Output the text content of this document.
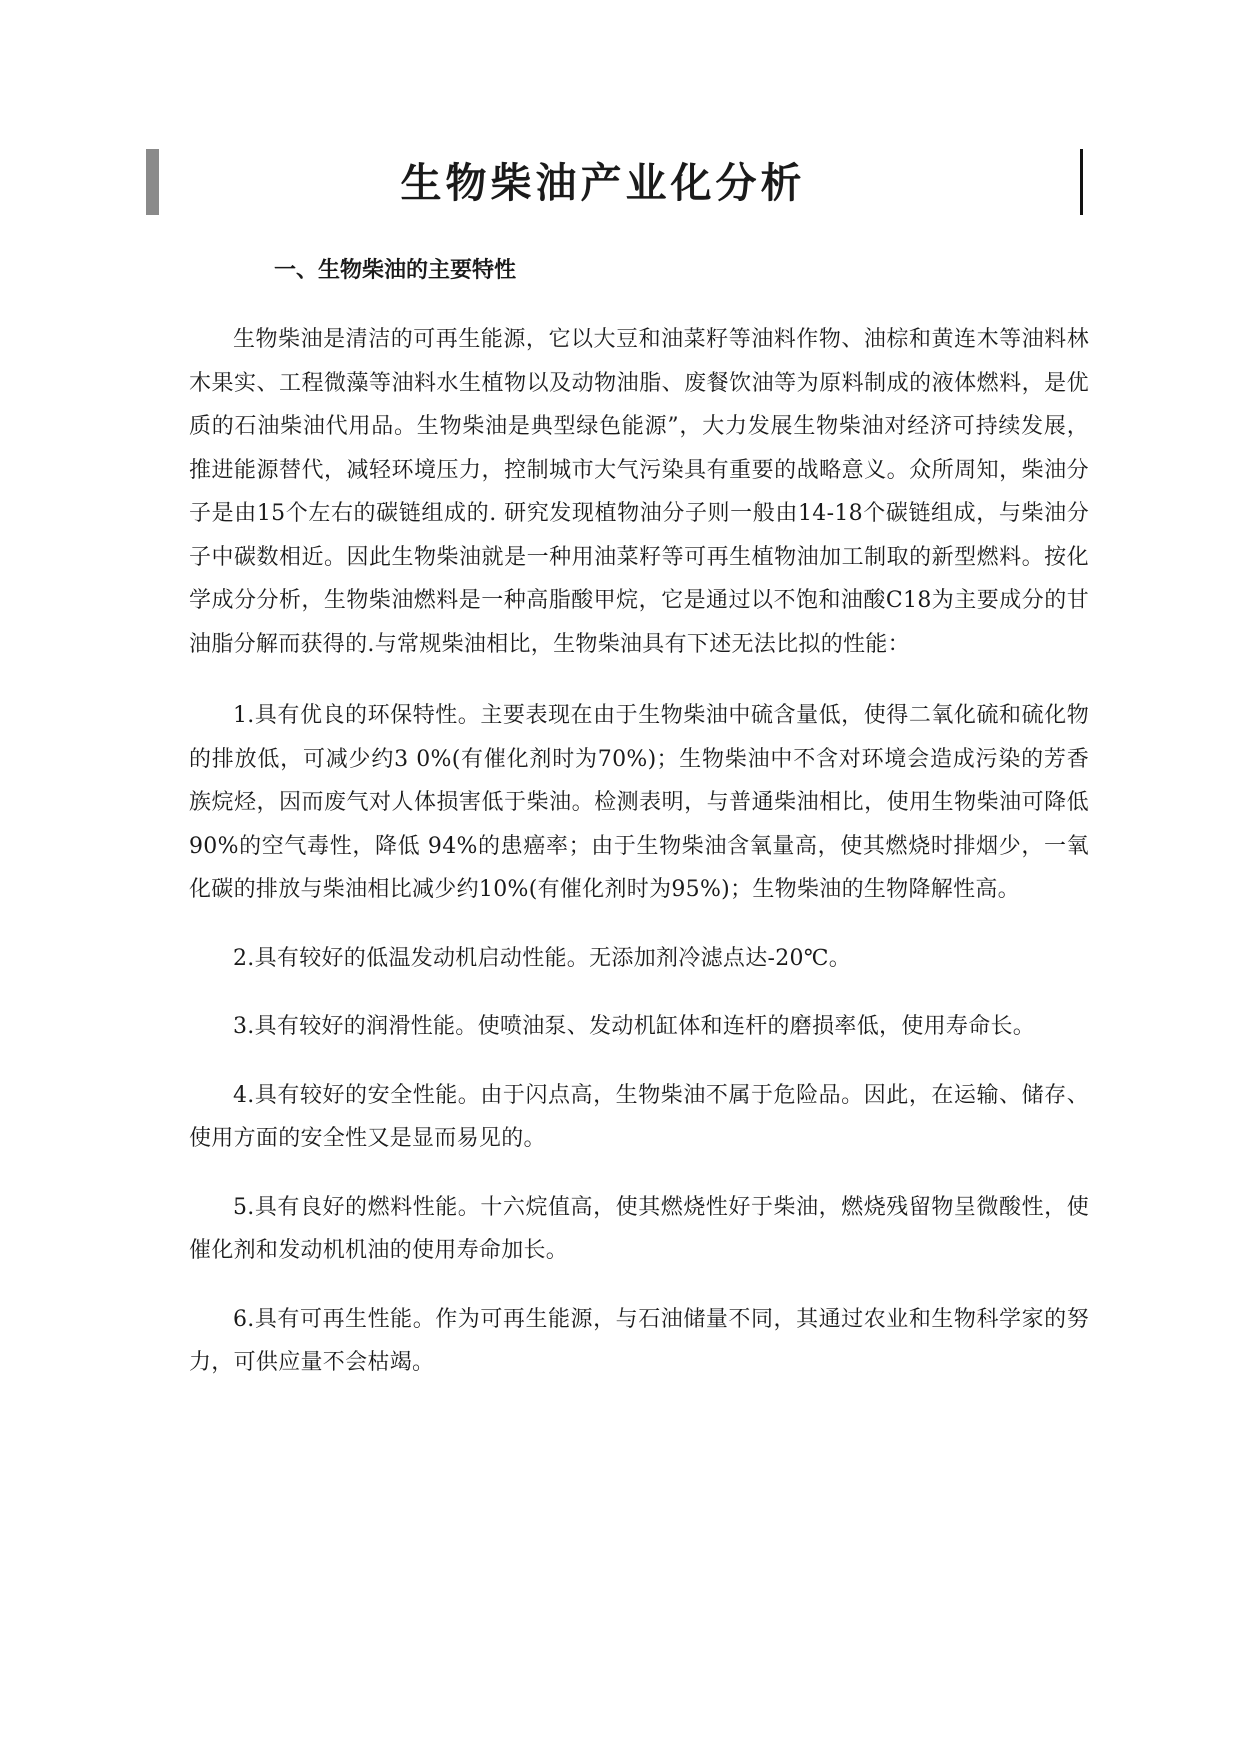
生物柴油产业化分析
一、生物柴油的主要特性

生物柴油是清洁的可再生能源，它以大豆和油菜籽等油料作物、油棕和黄连木等油料林木果实、工程微藻等油料水生植物以及动物油脂、废餐饮油等为原料制成的液体燃料，是优质的石油柴油代用品。生物柴油是典型绿色能源”，大力发展生物柴油对经济可持续发展，推进能源替代，减轻环境压力，控制城市大气污染具有重要的战略意义。众所周知，柴油分子是由15个左右的碳链组成的. 研究发现植物油分子则一般由14-18个碳链组成，与柴油分子中碳数相近。因此生物柴油就是一种用油菜籽等可再生植物油加工制取的新型燃料。按化学成分分析，生物柴油燃料是一种高脂酸甲烷，它是通过以不饱和油酸C18为主要成分的甘油脂分解而获得的.与常规柴油相比，生物柴油具有下述无法比拟的性能：

1.具有优良的环保特性。主要表现在由于生物柴油中硫含量低，使得二氧化硫和硫化物的排放低，可减少约3 0%(有催化剂时为70%)；生物柴油中不含对环境会造成污染的芳香族烷烃，因而废气对人体损害低于柴油。检测表明，与普通柴油相比，使用生物柴油可降低90%的空气毒性，降低 94%的患癌率；由于生物柴油含氧量高，使其燃烧时排烟少，一氧化碳的排放与柴油相比减少约10%(有催化剂时为95%)；生物柴油的生物降解性高。

2.具有较好的低温发动机启动性能。无添加剂冷滤点达-20℃。

3.具有较好的润滑性能。使喷油泵、发动机缸体和连杆的磨损率低，使用寿命长。

4.具有较好的安全性能。由于闪点高，生物柴油不属于危险品。因此，在运输、储存、使用方面的安全性又是显而易见的。

5.具有良好的燃料性能。十六烷值高，使其燃烧性好于柴油，燃烧残留物呈微酸性，使催化剂和发动机机油的使用寿命加长。

6.具有可再生性能。作为可再生能源，与石油储量不同，其通过农业和生物科学家的努力，可供应量不会枯竭。
